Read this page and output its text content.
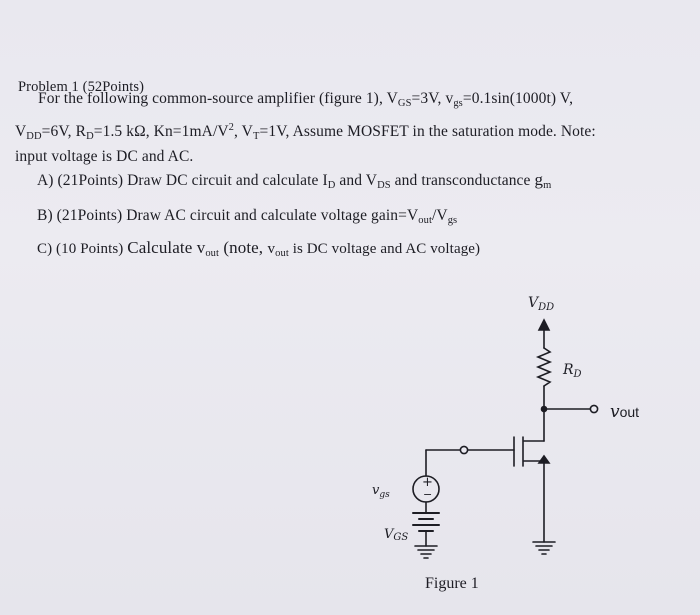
Problem 1 (52Points)
For the following common-source amplifier (figure 1), $V_{GS}=3V$, $v_{gs}=0.1\sin(1000t)$ V,
$V_{DD}=6V$, $R_D=1.5$ kΩ, $Kn=1mA/V^2$, $V_T=1V$, Assume MOSFET in the saturation mode. Note:
input voltage is DC and AC.
A) (21Points) Draw DC circuit and calculate $I_D$ and $V_{DS}$ and transconductance $g_m$
B) (21Points) Draw AC circuit and calculate voltage $gain=V_{out}/V_{gs}$
C) (10 Points) Calculate $v_{out}$ (note, $v_{out}$ is DC voltage and AC voltage)
+
−
$V_{DD}$
$R_D$
vout
$v_{gs}$
VGS
Figure 1
